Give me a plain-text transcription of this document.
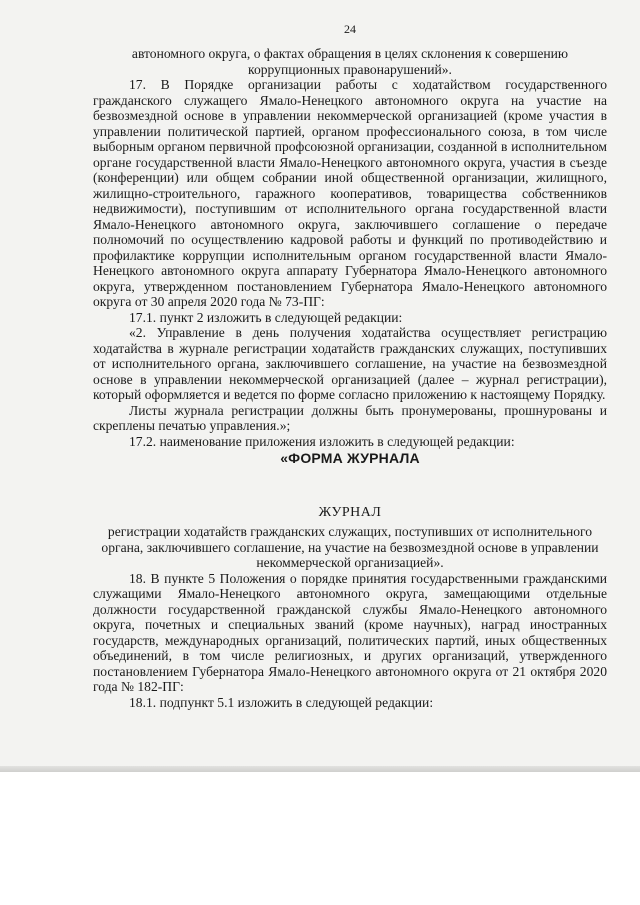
24

автономного округа, о фактах обращения в целях склонения к совершению коррупционных правонарушений».

17. В Порядке организации работы с ходатайством государственного гражданского служащего Ямало-Ненецкого автономного округа на участие на безвозмездной основе в управлении некоммерческой организацией (кроме участия в управлении политической партией, органом профессионального союза, в том числе выборным органом первичной профсоюзной организации, созданной в исполнительном органе государственной власти Ямало-Ненецкого автономного округа, участия в съезде (конференции) или общем собрании иной общественной организации, жилищного, жилищно-строительного, гаражного кооперативов, товарищества собственников недвижимости), поступившим от исполнительного органа государственной власти Ямало-Ненецкого автономного округа, заключившего соглашение о передаче полномочий по осуществлению кадровой работы и функций по противодействию и профилактике коррупции исполнительным органом государственной власти Ямало-Ненецкого автономного округа аппарату Губернатора Ямало-Ненецкого автономного округа, утвержденном постановлением Губернатора Ямало-Ненецкого автономного округа от 30 апреля 2020 года № 73-ПГ:

17.1. пункт 2 изложить в следующей редакции:

«2. Управление в день получения ходатайства осуществляет регистрацию ходатайства в журнале регистрации ходатайств гражданских служащих, поступивших от исполнительного органа, заключившего соглашение, на участие на безвозмездной основе в управлении некоммерческой организацией (далее – журнал регистрации), который оформляется и ведется по форме согласно приложению к настоящему Порядку.

Листы журнала регистрации должны быть пронумерованы, прошнурованы и скреплены печатью управления.»;

17.2. наименование приложения изложить в следующей редакции:

«ФОРМА ЖУРНАЛА

ЖУРНАЛ

регистрации ходатайств гражданских служащих, поступивших от исполнительного органа, заключившего соглашение, на участие на безвозмездной основе в управлении некоммерческой организацией».

18. В пункте 5 Положения о порядке принятия государственными гражданскими служащими Ямало-Ненецкого автономного округа, замещающими отдельные должности государственной гражданской службы Ямало-Ненецкого автономного округа, почетных и специальных званий (кроме научных), наград иностранных государств, международных организаций, политических партий, иных общественных объединений, в том числе религиозных, и других организаций, утвержденного постановлением Губернатора Ямало-Ненецкого автономного округа от 21 октября 2020 года № 182-ПГ:

18.1. подпункт 5.1 изложить в следующей редакции:
